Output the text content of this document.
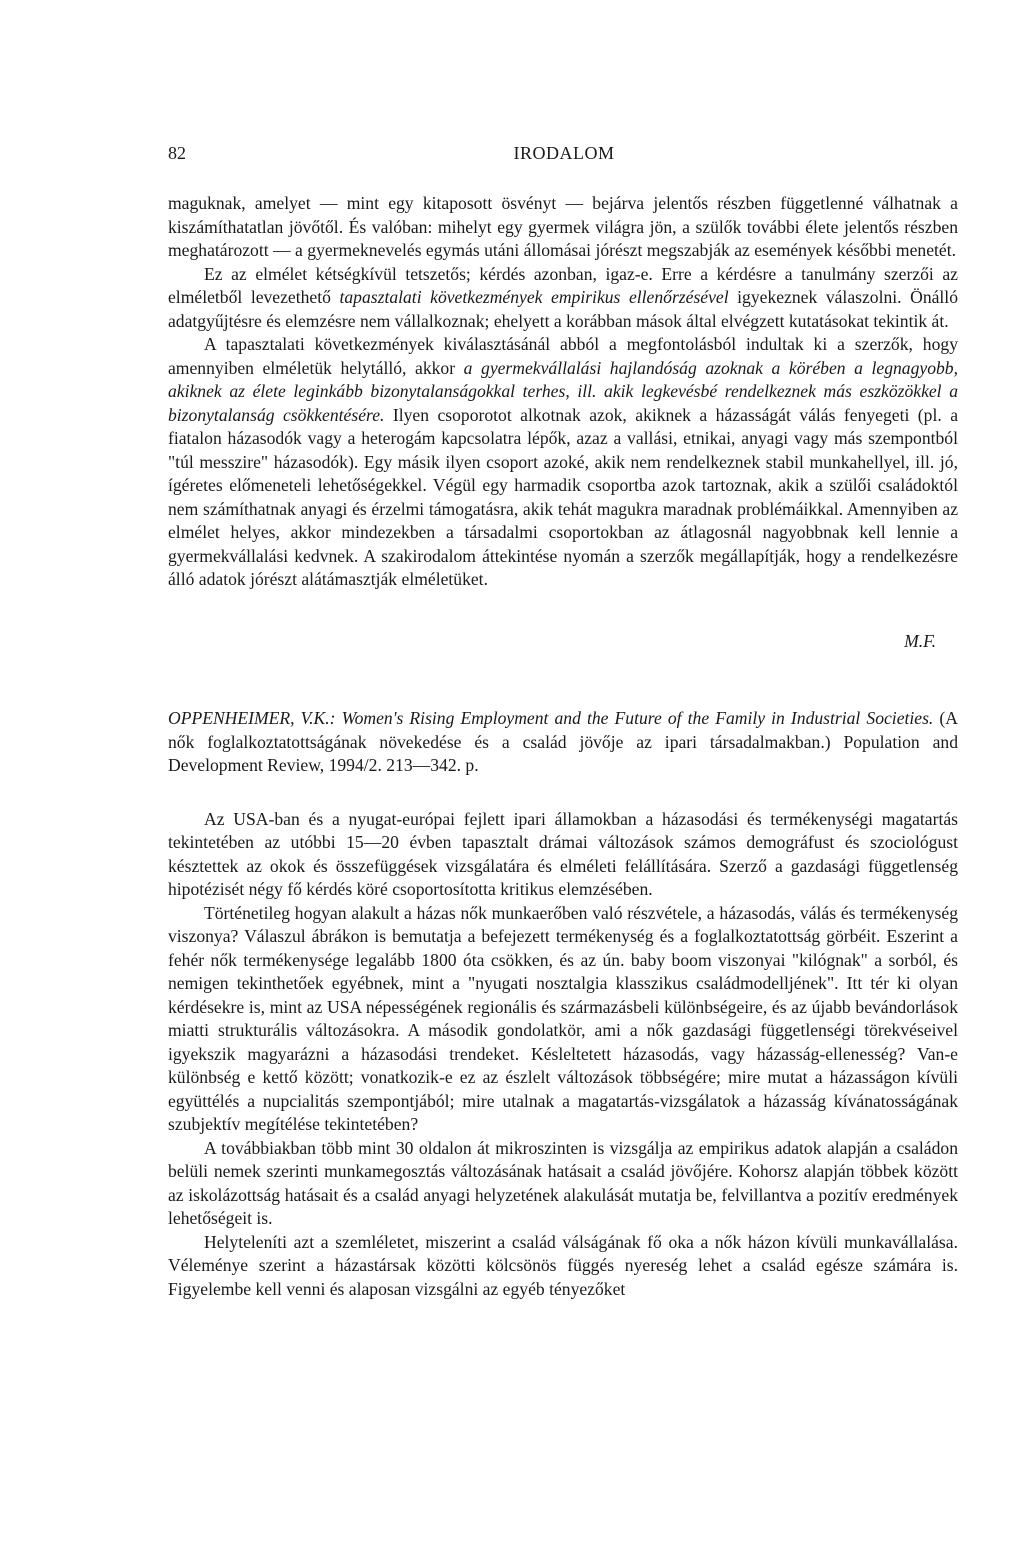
82	IRODALOM

maguknak, amelyet — mint egy kitaposott ösvényt — bejárva jelentős részben függetlenné válhatnak a kiszámíthatatlan jövőtől. És valóban: mihelyt egy gyermek világra jön, a szülők további élete jelentős részben meghatározott — a gyermeknevelés egymás utáni állomásai jórészt megszabják az események későbbi menetét.

Ez az elmélet kétségkívül tetszetős; kérdés azonban, igaz-e. Erre a kérdésre a tanulmány szerzői az elméletből levezethető tapasztalati következmények empirikus ellenőrzésével igyekeznek válaszolni. Önálló adatgyűjtésre és elemzésre nem vállalkoznak; ehelyett a korábban mások által elvégzett kutatásokat tekintik át.

A tapasztalati következmények kiválasztásánál abból a megfontolásból indultak ki a szerzők, hogy amennyiben elméletük helytálló, akkor a gyermekvállalási hajlandóság azoknak a körében a legnagyobb, akiknek az élete leginkább bizonytalanságokkal terhes, ill. akik legkevésbé rendelkeznek más eszközökkel a bizonytalanság csökkentésére. Ilyen csoporotot alkotnak azok, akiknek a házasságát válás fenyegeti (pl. a fiatalon házasodók vagy a heterogám kapcsolatra lépők, azaz a vallási, etnikai, anyagi vagy más szempontból "túl messzire" házasodók). Egy másik ilyen csoport azoké, akik nem rendelkeznek stabil munkahellyel, ill. jó, ígéretes előmeneteli lehetőségekkel. Végül egy harmadik csoportba azok tartoznak, akik a szülői családoktól nem számíthatnak anyagi és érzelmi támogatásra, akik tehát magukra maradnak problémáikkal. Amennyiben az elmélet helyes, akkor mindezekben a társadalmi csoportokban az átlagosnál nagyobbnak kell lennie a gyermekvállalási kedvnek. A szakirodalom áttekintése nyomán a szerzők megállapítják, hogy a rendelkezésre álló adatok jórészt alátámasztják elméletüket.

M.F.

OPPENHEIMER, V.K.: Women's Rising Employment and the Future of the Family in Industrial Societies. (A nők foglalkoztatottságának növekedése és a család jövője az ipari társadalmakban.) Population and Development Review, 1994/2. 213—342. p.

Az USA-ban és a nyugat-európai fejlett ipari államokban a házasodási és termékenységi magatartás tekintetében az utóbbi 15—20 évben tapasztalt drámai változások számos demográfust és szociológust késztettek az okok és összefüggések vizsgálatára és elméleti felállítására. Szerző a gazdasági függetlenség hipotézisét négy fő kérdés köré csoportosította kritikus elemzésében.

Történetileg hogyan alakult a házas nők munkaerőben való részvétele, a házasodás, válás és termékenység viszonya? Válaszul ábrákon is bemutatja a befejezett termékenység és a foglalkoztatottság görbéit. Eszerint a fehér nők termékenysége legalább 1800 óta csökken, és az ún. baby boom viszonyai "kilógnak" a sorból, és nemigen tekinthetőek egyébnek, mint a "nyugati nosztalgia klasszikus családmodelljének". Itt tér ki olyan kérdésekre is, mint az USA népességének regionális és származásbeli különbségeire, és az újabb bevándorlások miatti strukturális változásokra. A második gondolatkör, ami a nők gazdasági függetlenségi törekvéseivel igyekszik magyarázni a házasodási trendeket. Késleltetett házasodás, vagy házasság-ellenesség? Van-e különbség e kettő között; vonatkozik-e ez az észlelt változások többségére; mire mutat a házasságon kívüli együttélés a nupcialitás szempontjából; mire utalnak a magatartás-vizsgálatok a házasság kívánatosságának szubjektív megítélése tekintetében?

A továbbiakban több mint 30 oldalon át mikroszinten is vizsgálja az empirikus adatok alapján a családon belüli nemek szerinti munkamegosztás változásának hatásait a család jövőjére. Kohorsz alapján többek között az iskolázottság hatásait és a család anyagi helyzetének alakulását mutatja be, felvillantva a pozitív eredmények lehetőségeit is.

Helyteleníti azt a szemléletet, miszerint a család válságának fő oka a nők házon kívüli munkavállalása. Véleménye szerint a házastársak közötti kölcsönös függés nyereség lehet a család egésze számára is. Figyelembe kell venni és alaposan vizsgálni az egyéb tényezőket
